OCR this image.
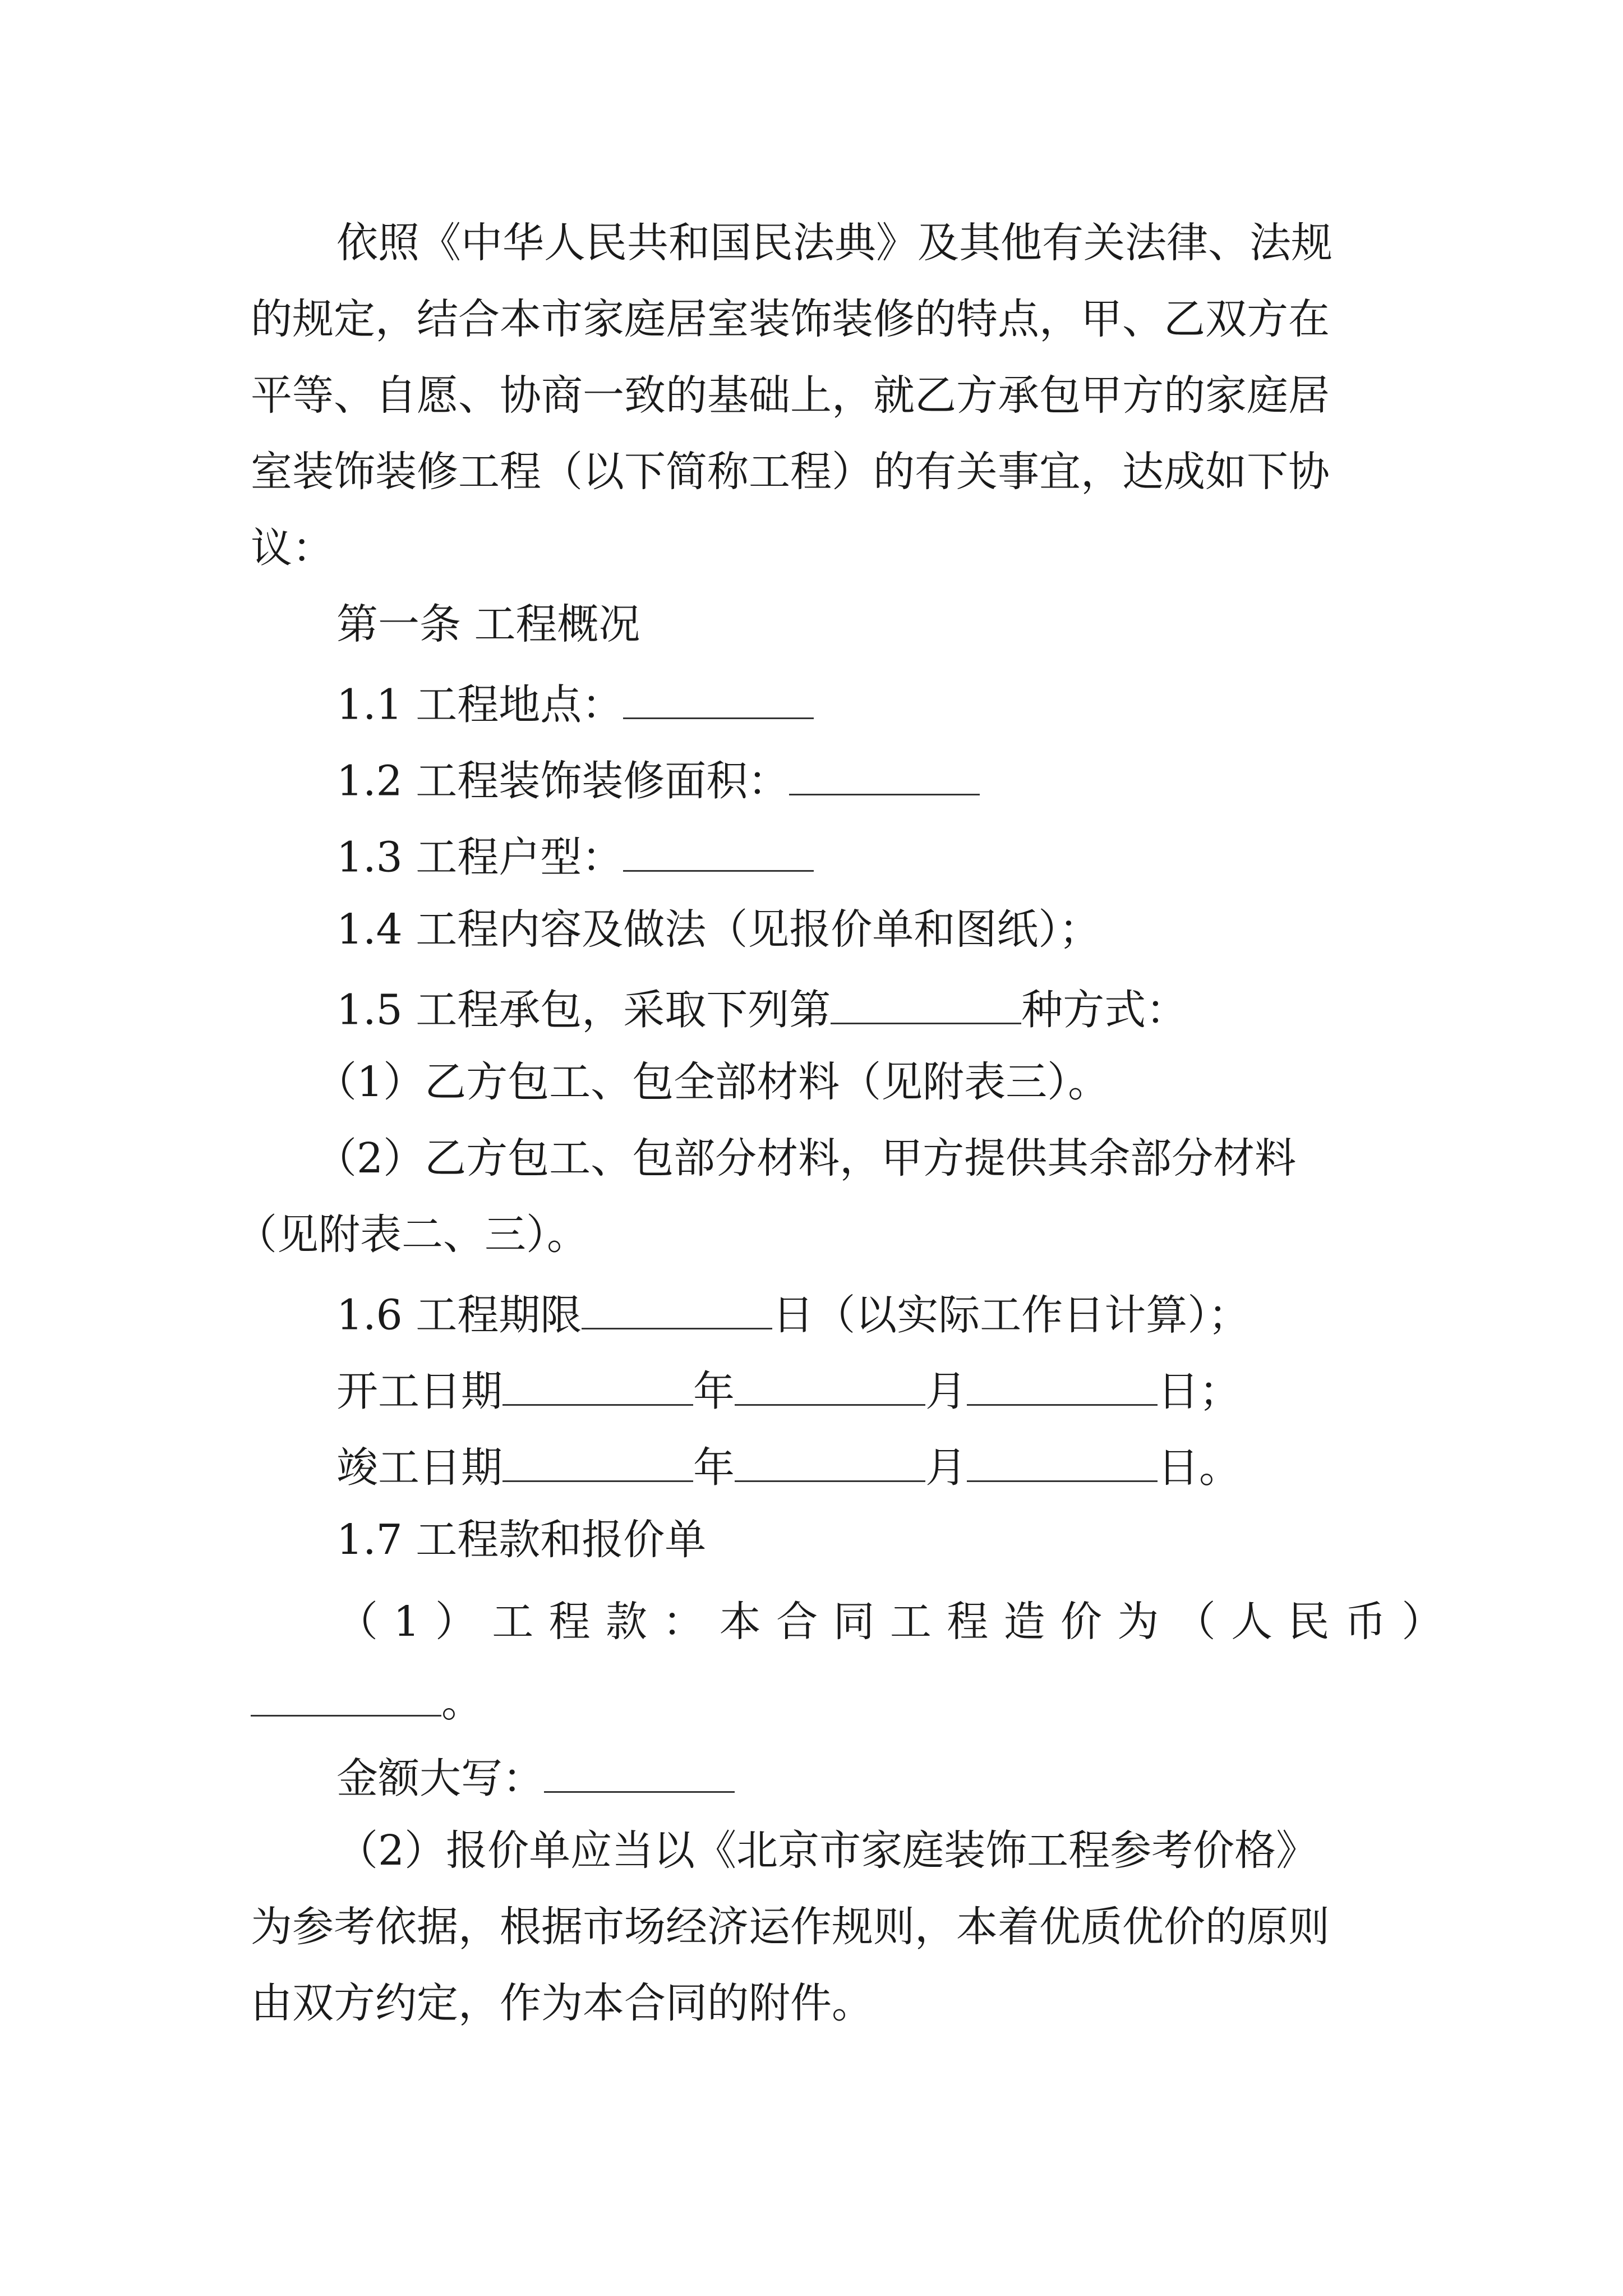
依照《中华人民共和国民法典》及其他有关法律、法规
的规定，结合本市家庭居室装饰装修的特点，甲、乙双方在
平等、自愿、协商一致的基础上，就乙方承包甲方的家庭居
室装饰装修工程（以下简称工程）的有关事宜，达成如下协
议：
第一条 工程概况
1.1 工程地点：
1.2 工程装饰装修面积：
1.3 工程户型：
1.4 工程内容及做法（见报价单和图纸）；
1.5 工程承包，采取下列第	种方式：
（1）乙方包工、包全部材料（见附表三）。
（2）乙方包工、包部分材料，甲方提供其余部分材料
（见附表二、三）。
1.6 工程期限	日（以实际工作日计算）；
开工日期	年	月	日；
竣工日期	年	月	日。
1.7 工程款和报价单
（1）工程款：本合同工程造价为（人民币）
。
金额大写：
（2）报价单应当以《北京市家庭装饰工程参考价格》
为参考依据，根据市场经济运作规则，本着优质优价的原则
由双方约定，作为本合同的附件。
